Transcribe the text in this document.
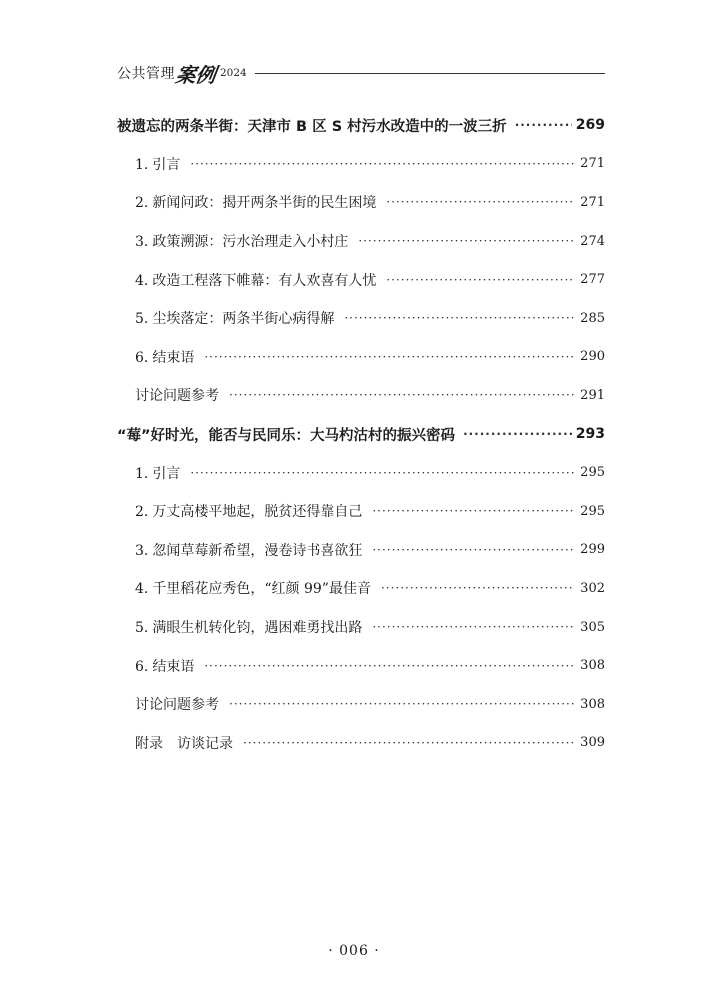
公共管理 案例 2024
被遗忘的两条半街：天津市 B 区 S 村污水改造中的一波三折 ·····	269
1. 引言 ·····	271
2. 新闻问政：揭开两条半街的民生困境 ·····	271
3. 政策溯源：污水治理走入小村庄 ·····	274
4. 改造工程落下帷幕：有人欢喜有人忧 ·····	277
5. 尘埃落定：两条半街心病得解 ·····	285
6. 结束语 ·····	290
讨论问题参考 ·····	291
“莓”好时光，能否与民同乐：大马杓沽村的振兴密码 ·····	293
1. 引言 ·····	295
2. 万丈高楼平地起，脱贫还得靠自己 ·····	295
3. 忽闻草莓新希望，漫卷诗书喜欲狂 ·····	299
4. 千里稻花应秀色，“红颜 99”最佳音 ·····	302
5. 满眼生机转化钧，遇困难勇找出路 ·····	305
6. 结束语 ·····	308
讨论问题参考 ·····	308
附录　访谈记录 ·····	309
· 006 ·
